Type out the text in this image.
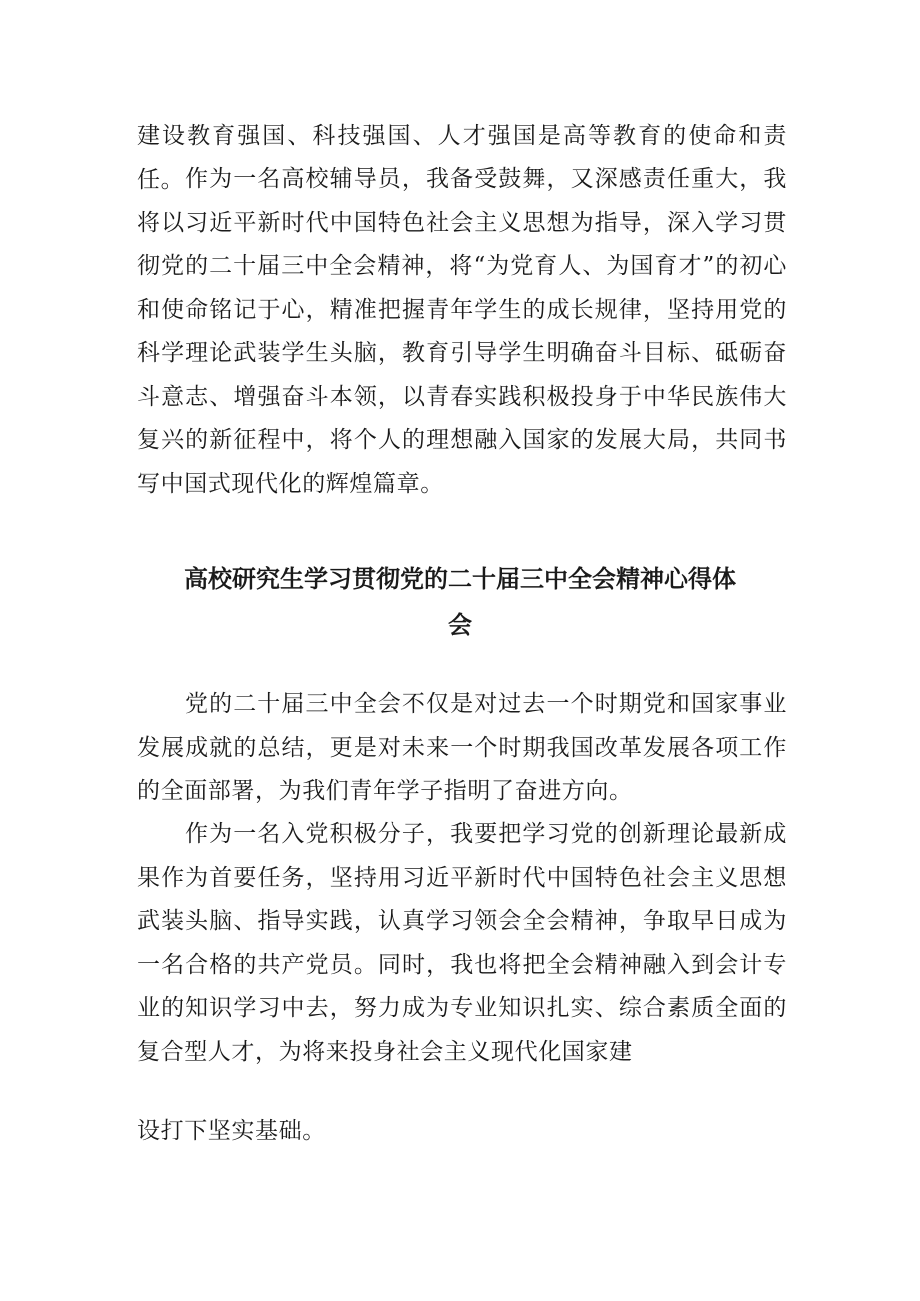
建设教育强国、科技强国、人才强国是高等教育的使命和责任。 作为一名高校辅导员，我备受鼓舞，又深感责任重大，我将以习近平新时代中国特色社会主义思想为指导，深入学习贯彻党的二十届三中全会精神，将“为党育人、为国育才”的初心和使命铭记于心，精准把握青年学生的成长规律，坚持用党的科学理论武装学生头脑，教育引导学生明确奋斗目标、砥砺奋斗意志、增强奋斗本领，以青春实践积极投身于中华民族伟大复兴的新征程中，将个人的理想融入国家的发展大局，共同书写中国式现代化的辉煌篇章。

高校研究生学习贯彻党的二十届三中全会精神心得体
会

党的二十届三中全会不仅是对过去一个时期党和国家事业发展成就的总结，更是对未来一个时期我国改革发展各项工作的全面部署，为我们青年学子指明了奋进方向。

作为一名入党积极分子，我要把学习党的创新理论最新成果作为首要任务，坚持用习近平新时代中国特色社会主义思想武装头脑、指导实践，认真学习领会全会精神，争取早日成为一名合格的共产党员。同时，我也将把全会精神融入到会计专业的知识学习中去，努力成为专业知识扎实、综合素质全面的复合型人才，为将来投身社会主义现代化国家建

设打下坚实基础。
